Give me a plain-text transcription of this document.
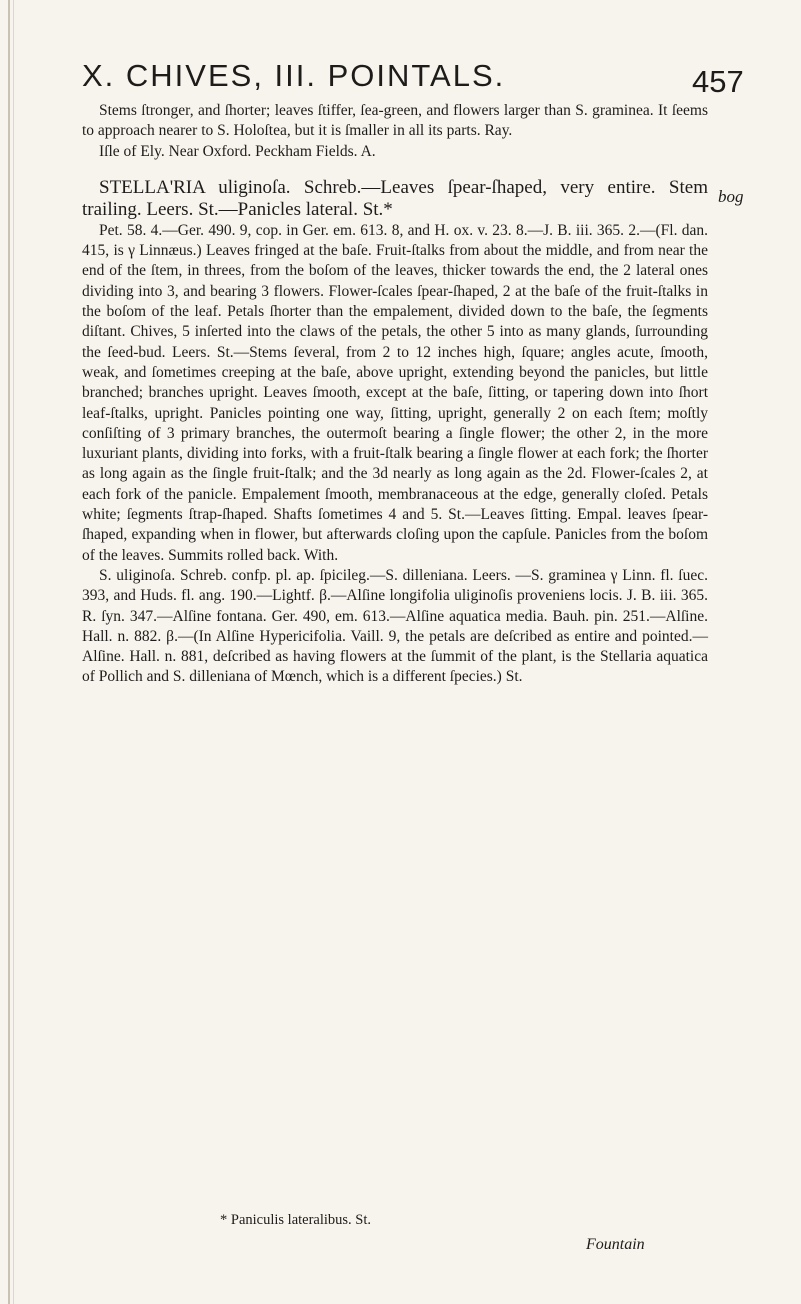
X. CHIVES, III. POINTALS.	457
bog

Stems ſtronger, and ſhorter; leaves ſtiffer, ſea-green, and flowers larger than S. graminea. It ſeems to approach nearer to S. Holoſtea, but it is ſmaller in all its parts. Ray.

Iſle of Ely. Near Oxford. Peckham Fields. A.

STELLA'RIA uliginoſa. Schreb.—Leaves ſpear-ſhaped, very entire. Stem trailing. Leers. St.—Panicles lateral. St.*

Pet. 58. 4.—Ger. 490. 9, cop. in Ger. em. 613. 8, and H. ox. v. 23. 8.—J. B. iii. 365. 2.—(Fl. dan. 415, is γ Linnæus.) Leaves fringed at the baſe. Fruit-ſtalks from about the middle, and from near the end of the ſtem, in threes, from the boſom of the leaves, thicker towards the end, the 2 lateral ones dividing into 3, and bearing 3 flowers. Flower-ſcales ſpear-ſhaped, 2 at the baſe of the fruit-ſtalks in the boſom of the leaf. Petals ſhorter than the empalement, divided down to the baſe, the ſegments diſtant. Chives, 5 inſerted into the claws of the petals, the other 5 into as many glands, ſurrounding the ſeed-bud. Leers. St.—Stems ſeveral, from 2 to 12 inches high, ſquare; angles acute, ſmooth, weak, and ſometimes creeping at the baſe, above upright, extending beyond the panicles, but little branched; branches upright. Leaves ſmooth, except at the baſe, ſitting, or tapering down into ſhort leaf-ſtalks, upright. Panicles pointing one way, ſitting, upright, generally 2 on each ſtem; moſtly conſiſting of 3 primary branches, the outermoſt bearing a ſingle flower; the other 2, in the more luxuriant plants, dividing into forks, with a fruit-ſtalk bearing a ſingle flower at each fork; the ſhorter as long again as the ſingle fruit-ſtalk; and the 3d nearly as long again as the 2d. Flower-ſcales 2, at each fork of the panicle. Empalement ſmooth, membranaceous at the edge, generally cloſed. Petals white; ſegments ſtrap-ſhaped. Shafts ſometimes 4 and 5. St.—Leaves ſitting. Empal. leaves ſpear-ſhaped, expanding when in flower, but afterwards cloſing upon the capſule. Panicles from the boſom of the leaves. Summits rolled back. With.

S. uliginoſa. Schreb. confp. pl. ap. ſpicileg.—S. dilleniana. Leers. —S. graminea γ Linn. fl. ſuec. 393, and Huds. fl. ang. 190.—Lightf. β.—Alſine longifolia uliginoſis proveniens locis. J. B. iii. 365. R. ſyn. 347.—Alſine fontana. Ger. 490, em. 613.—Alſine aquatica media. Bauh. pin. 251.—Alſine. Hall. n. 882. β.—(In Alſine Hypericifolia. Vaill. 9, the petals are deſcribed as entire and pointed.—Alſine. Hall. n. 881, deſcribed as having flowers at the ſummit of the plant, is the Stellaria aquatica of Pollich and S. dilleniana of Mœnch, which is a different ſpecies.) St.

* Paniculis lateralibus. St.
Fountain
